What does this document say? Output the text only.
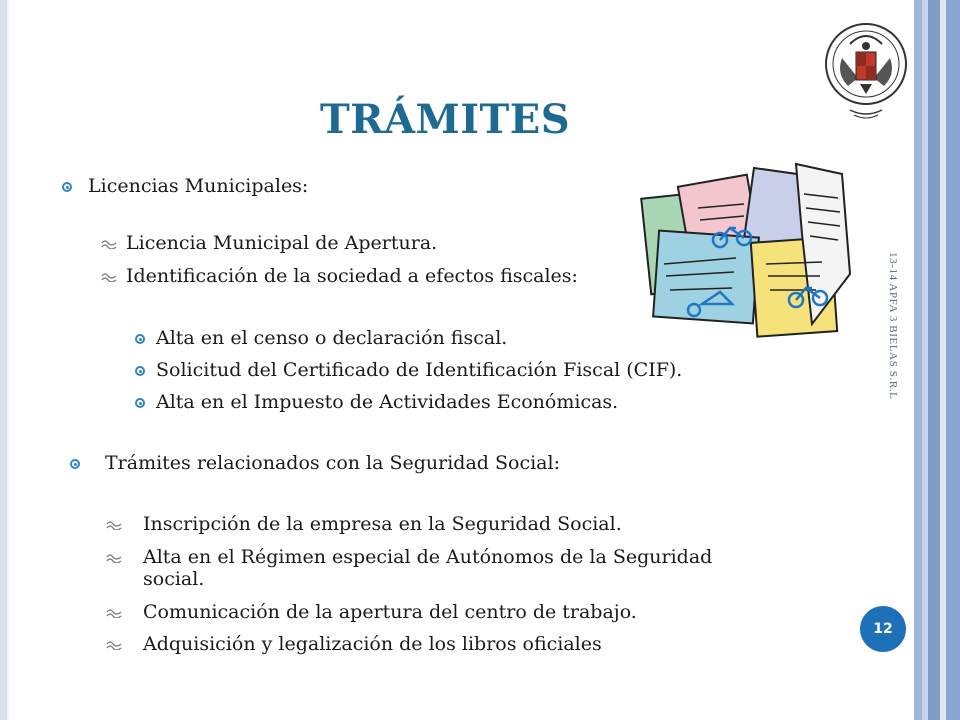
TRÁMITES
13-14 APFA 3 BIELAS S.R.L
12
Licencias Municipales:
Licencia Municipal de Apertura.
Identificación de la sociedad a efectos fiscales:
Alta en el censo o declaración fiscal.
Solicitud del Certificado de Identificación Fiscal (CIF).
Alta en el Impuesto de Actividades Económicas.
Trámites relacionados con la Seguridad Social:
Inscripción de la empresa en la Seguridad Social.
Alta en el Régimen especial de Autónomos de la Seguridad
social.
Comunicación de la apertura del centro de trabajo.
Adquisición y legalización de los libros oficiales
